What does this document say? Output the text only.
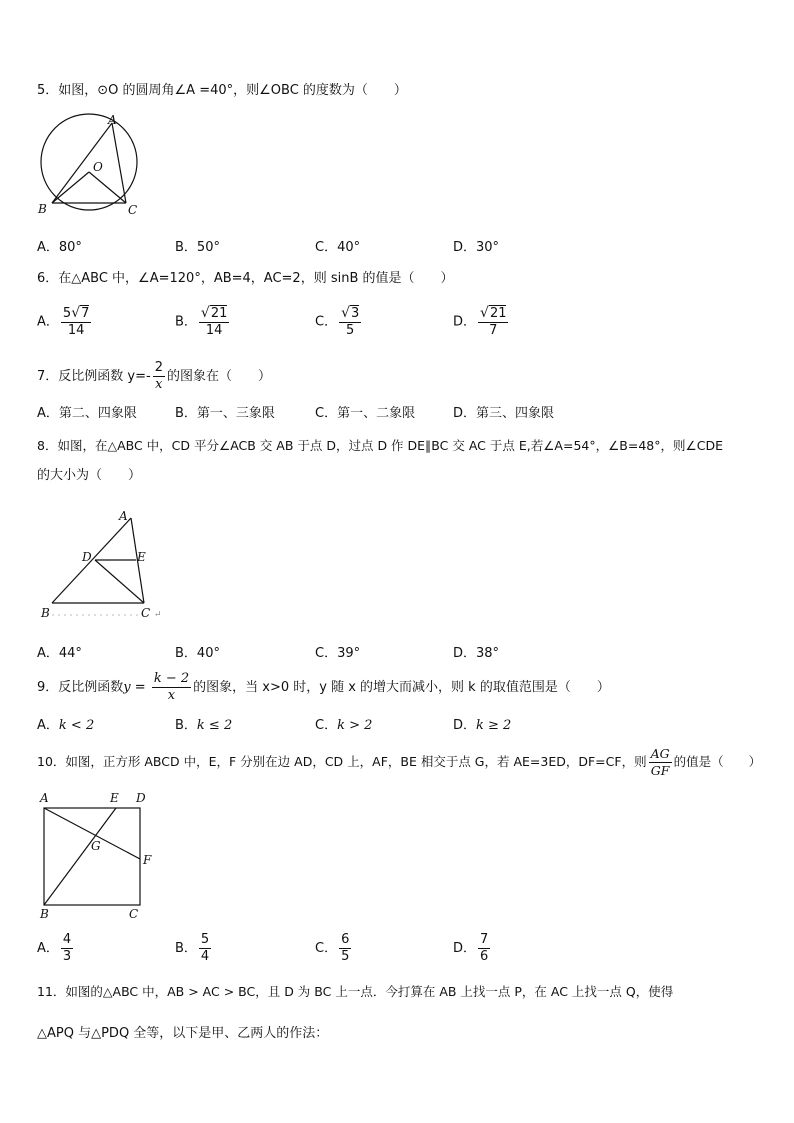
5．如图，⊙O 的圆周角∠A =40°，则∠OBC 的度数为（　　）
A
O
B	C
A．80°	B．50°	C．40°	D．30°
6．在△ABC 中，∠A=120°，AB=4，AC=2，则 sinB 的值是（　　）
A． $\frac{5√7}{14}$	B． $\frac{√21}{14}$	C． $\frac{√3}{5}$	D． $\frac{√21}{7}$
7．反比例函数 $y=- \frac{2}{x}$ 的图象在（　　）
A．第二、四象限	B．第一、三象限	C．第一、二象限	D．第三、四象限
8．如图，在△ABC 中，CD 平分∠ACB 交 AB 于点 D，过点 D 作 DE∥BC 交 AC 于点 E,若∠A=54°，∠B=48°，则∠CDE
的大小为（　　）
A
D	E
B	C ↵
A．44°	B．40°	C．39°	D．38°
9．反比例函数$y = \frac{k - 2}{x}$ 的图象，当 x>0 时，y 随 x 的增大而减小，则 k 的取值范围是（　　）
A．k < 2	B．k ≤ 2	C．k > 2	D．k ≥ 2
10．如图，正方形 ABCD 中，E，F 分别在边 AD，CD 上，AF，BE 相交于点 G，若 AE=3ED，DF=CF，则 $\frac{AG}{GF}$ 的值是（　　）
A	E D
G
F
B	C
A． $\frac{4}{3}$	B． $\frac{5}{4}$	C． $\frac{6}{5}$	D． $\frac{7}{6}$
11．如图的△ABC 中，AB > AC > BC，且 D 为 BC 上一点．今打算在 AB 上找一点 P，在 AC 上找一点 Q，使得
△APQ 与△PDQ 全等，以下是甲、乙两人的作法：
